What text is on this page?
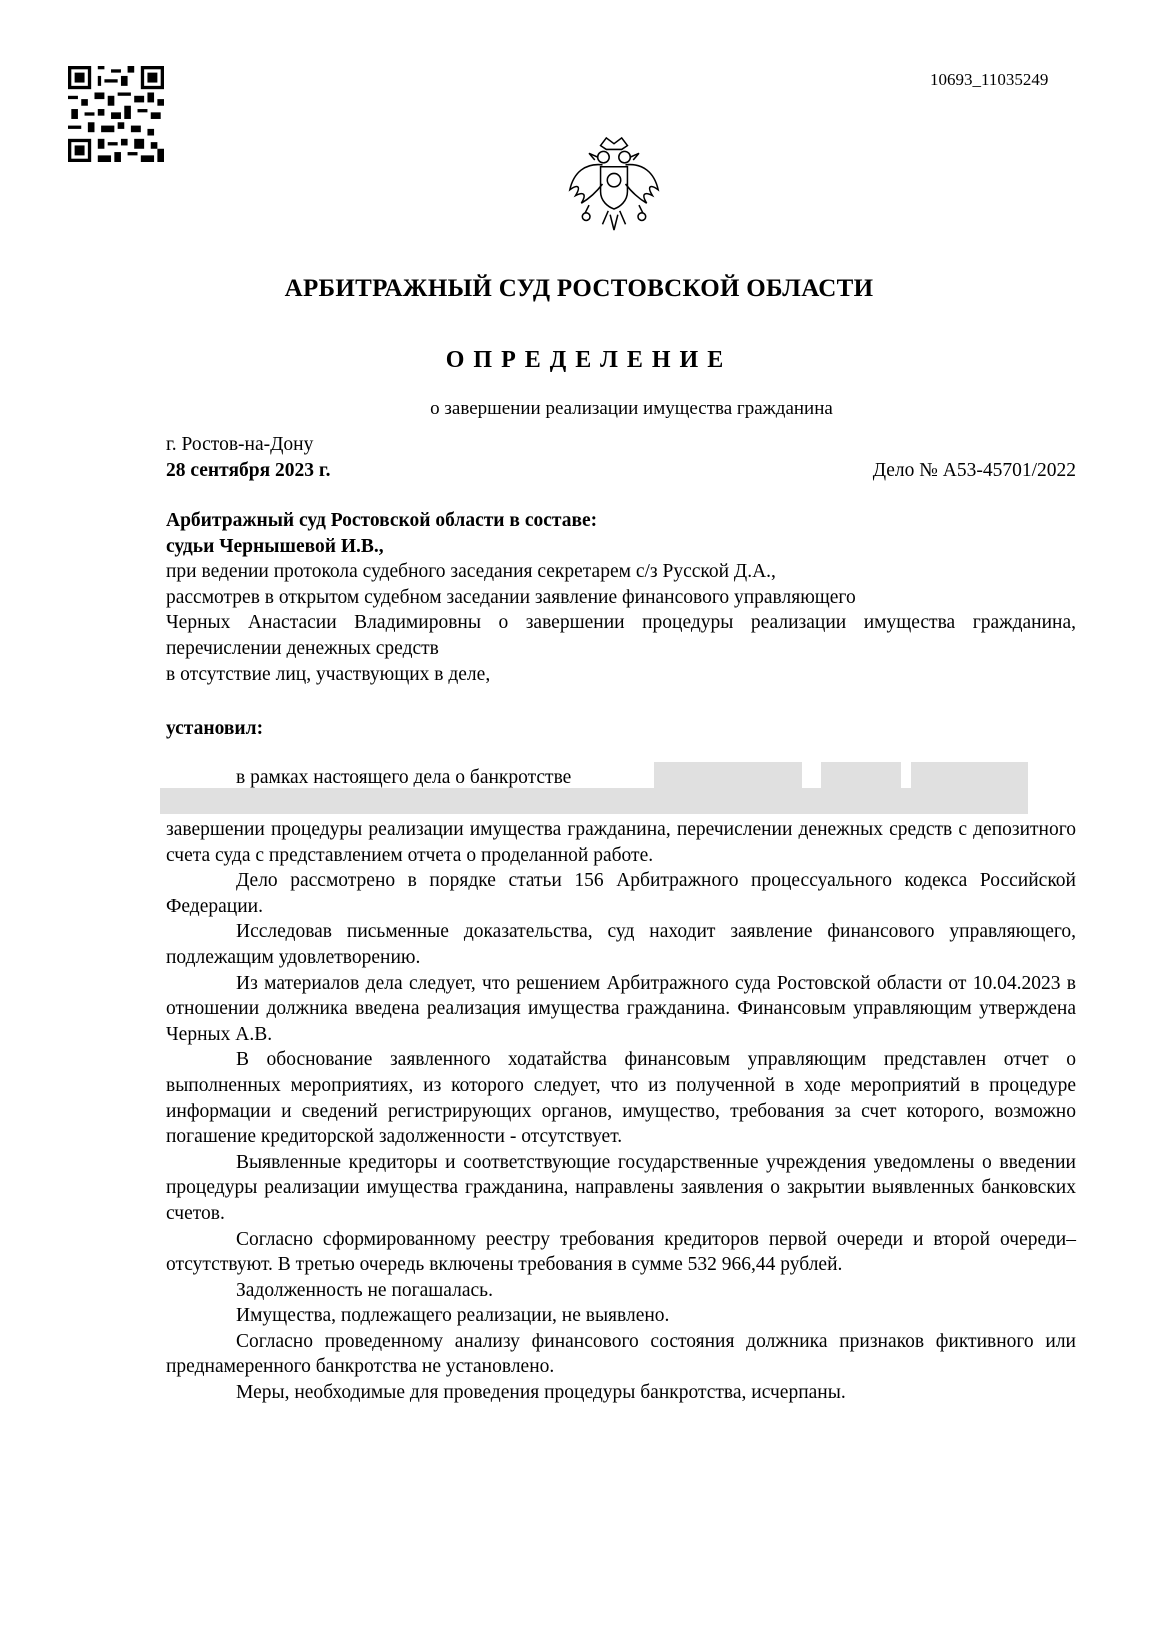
10693_11035249
АРБИТРАЖНЫЙ СУД РОСТОВСКОЙ ОБЛАСТИ
ОПРЕДЕЛЕНИЕ
о завершении реализации имущества гражданина
г. Ростов-на-Дону
28 сентября 2023 г.	Дело № А53-45701/2022
Арбитражный суд Ростовской области в составе:
судьи Чернышевой И.В.,

при ведении протокола судебного заседания секретарем с/з Русской Д.А.,

рассмотрев в открытом судебном заседании заявление финансового управляющего

Черных Анастасии Владимировны о завершении процедуры реализации имущества гражданина, перечислении денежных средств

в отсутствие лиц, участвующих в деле,

установил:
в рамках настоящего дела о банкротстве

завершении процедуры реализации имущества гражданина, перечислении денежных средств с депозитного счета суда с представлением отчета о проделанной работе.

Дело рассмотрено в порядке статьи 156 Арбитражного процессуального кодекса Российской Федерации.

Исследовав письменные доказательства, суд находит заявление финансового управляющего, подлежащим удовлетворению.

Из материалов дела следует, что решением Арбитражного суда Ростовской области от 10.04.2023 в отношении должника введена реализация имущества гражданина. Финансовым управляющим утверждена Черных А.В.

В обоснование заявленного ходатайства финансовым управляющим представлен отчет о выполненных мероприятиях, из которого следует, что из полученной в ходе мероприятий в процедуре информации и сведений регистрирующих органов, имущество, требования за счет которого, возможно погашение кредиторской задолженности - отсутствует.

Выявленные кредиторы и соответствующие государственные учреждения уведомлены о введении процедуры реализации имущества гражданина, направлены заявления о закрытии выявленных банковских счетов.

Согласно сформированному реестру требования кредиторов первой очереди и второй очереди– отсутствуют. В третью очередь включены требования в сумме 532 966,44 рублей.

Задолженность не погашалась.

Имущества, подлежащего реализации, не выявлено.

Согласно проведенному анализу финансового состояния должника признаков фиктивного или преднамеренного банкротства не установлено.

Меры, необходимые для проведения процедуры банкротства, исчерпаны.
